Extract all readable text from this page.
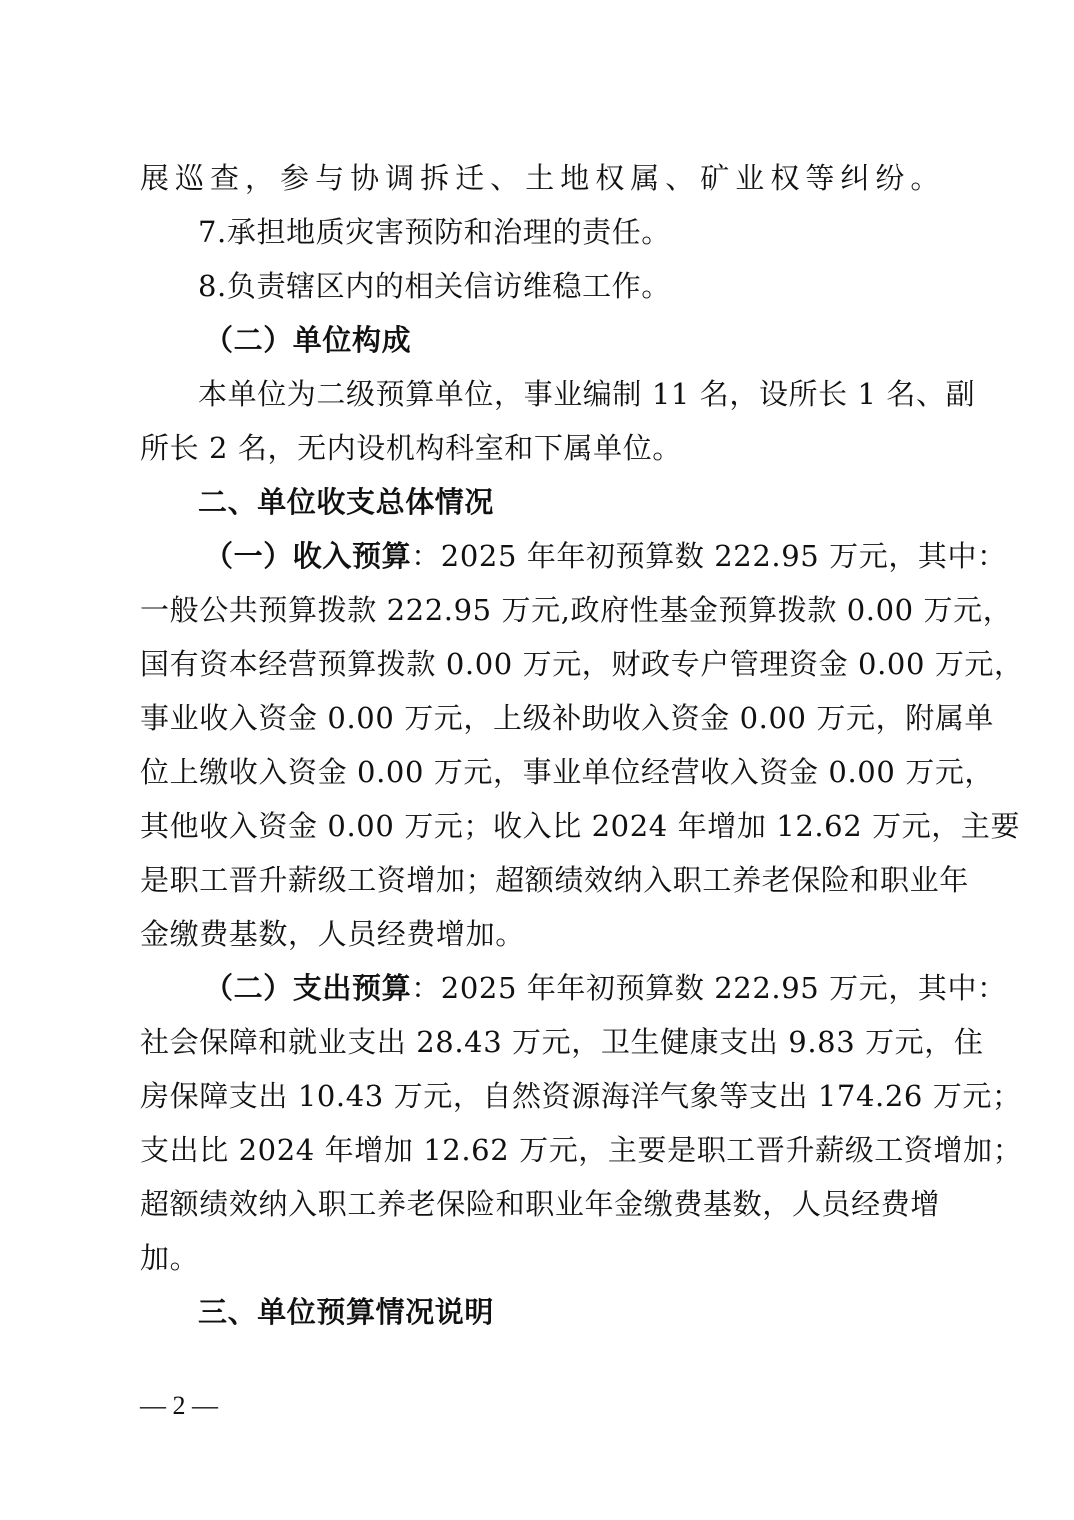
展巡查，参与协调拆迁、土地权属、矿业权等纠纷。
7.承担地质灾害预防和治理的责任。
8.负责辖区内的相关信访维稳工作。
（二）单位构成
本单位为二级预算单位，事业编制 11 名，设所长 1 名、副
所长 2 名，无内设机构科室和下属单位。
二、单位收支总体情况
（一）收入预算：2025 年年初预算数 222.95 万元，其中：
一般公共预算拨款 222.95 万元,政府性基金预算拨款 0.00 万元，
国有资本经营预算拨款 0.00 万元，财政专户管理资金 0.00 万元，
事业收入资金 0.00 万元，上级补助收入资金 0.00 万元，附属单
位上缴收入资金 0.00 万元，事业单位经营收入资金 0.00 万元，
其他收入资金 0.00 万元；收入比 2024 年增加 12.62 万元，主要
是职工晋升薪级工资增加；超额绩效纳入职工养老保险和职业年
金缴费基数，人员经费增加。
（二）支出预算：2025 年年初预算数 222.95 万元，其中：
社会保障和就业支出 28.43 万元，卫生健康支出 9.83 万元，住
房保障支出 10.43 万元，自然资源海洋气象等支出 174.26 万元；
支出比 2024 年增加 12.62 万元，主要是职工晋升薪级工资增加；
超额绩效纳入职工养老保险和职业年金缴费基数，人员经费增
加。
三、单位预算情况说明
— 2 —
